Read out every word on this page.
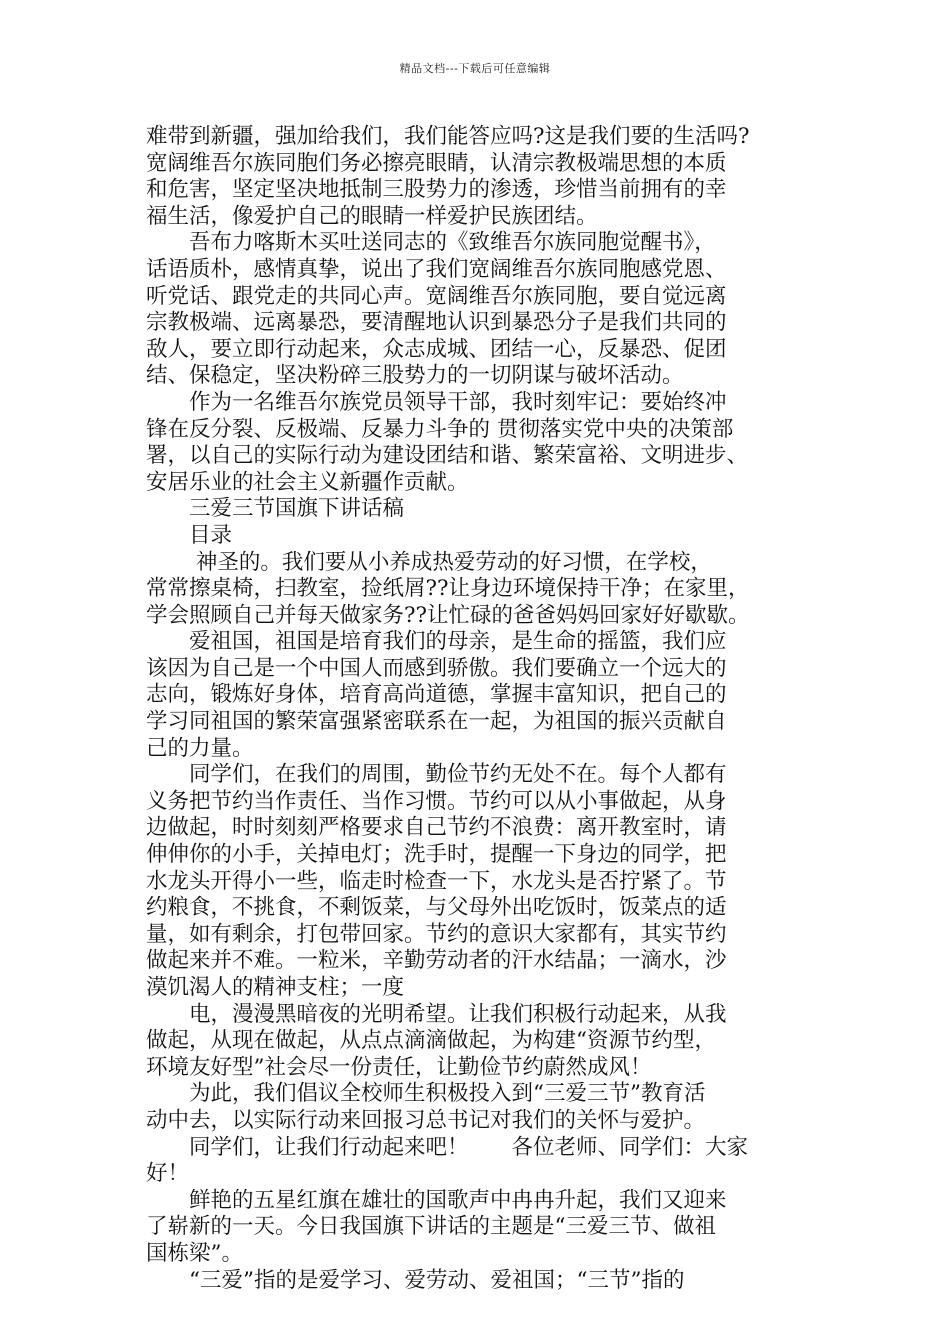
精品文档---下载后可任意编辑

难带到新疆，强加给我们，我们能答应吗?这是我们要的生活吗?

宽阔维吾尔族同胞们务必擦亮眼睛，认清宗教极端思想的本质

和危害，坚定坚决地抵制三股势力的渗透，珍惜当前拥有的幸

福生活，像爱护自己的眼睛一样爱护民族团结。

　　吾布力喀斯木买吐送同志的《致维吾尔族同胞觉醒书》，

话语质朴，感情真挚，说出了我们宽阔维吾尔族同胞感党恩、

听党话、跟党走的共同心声。宽阔维吾尔族同胞，要自觉远离

宗教极端、远离暴恐，要清醒地认识到暴恐分子是我们共同的

敌人，要立即行动起来，众志成城、团结一心，反暴恐、促团

结、保稳定，坚决粉碎三股势力的一切阴谋与破坏活动。

　　作为一名维吾尔族党员领导干部，我时刻牢记：要始终冲

锋在反分裂、反极端、反暴力斗争的 贯彻落实党中央的决策部

署，以自己的实际行动为建设团结和谐、繁荣富裕、文明进步、

安居乐业的社会主义新疆作贡献。

　　三爱三节国旗下讲话稿

　　目录

　　 神圣的。我们要从小养成热爱劳动的好习惯，在学校，

常常擦桌椅，扫教室，捡纸屑??让身边环境保持干净；在家里，

学会照顾自己并每天做家务??让忙碌的爸爸妈妈回家好好歇歇。

　　爱祖国，祖国是培育我们的母亲，是生命的摇篮，我们应

该因为自己是一个中国人而感到骄傲。我们要确立一个远大的

志向，锻炼好身体，培育高尚道德，掌握丰富知识，把自己的

学习同祖国的繁荣富强紧密联系在一起，为祖国的振兴贡献自

己的力量。

　　同学们，在我们的周围，勤俭节约无处不在。每个人都有

义务把节约当作责任、当作习惯。节约可以从小事做起，从身

边做起，时时刻刻严格要求自己节约不浪费：离开教室时，请

伸伸你的小手，关掉电灯；洗手时，提醒一下身边的同学，把

水龙头开得小一些，临走时检查一下，水龙头是否拧紧了。节

约粮食，不挑食，不剩饭菜，与父母外出吃饭时，饭菜点的适

量，如有剩余，打包带回家。节约的意识大家都有，其实节约

做起来并不难。一粒米，辛勤劳动者的汗水结晶；一滴水，沙

漠饥渴人的精神支柱；一度

　　电，漫漫黑暗夜的光明希望。让我们积极行动起来，从我

做起，从现在做起，从点点滴滴做起，为构建“资源节约型，

环境友好型”社会尽一份责任，让勤俭节约蔚然成风！

　　为此，我们倡议全校师生积极投入到“三爱三节”教育活

动中去，以实际行动来回报习总书记对我们的关怀与爱护。

　　同学们，让我们行动起来吧！　　各位老师、同学们：大家

好！

　　鲜艳的五星红旗在雄壮的国歌声中冉冉升起，我们又迎来

了崭新的一天。今日我国旗下讲话的主题是“三爱三节、做祖

国栋梁”。

　　“三爱”指的是爱学习、爱劳动、爱祖国；“三节”指的
